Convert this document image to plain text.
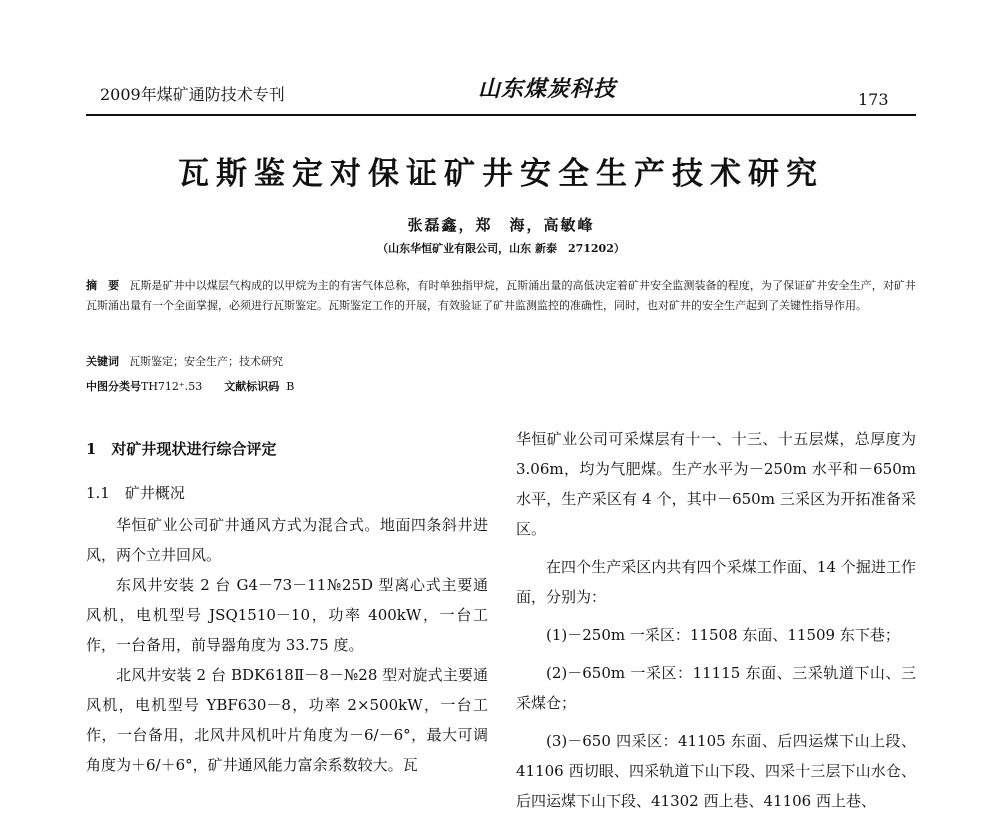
2009年煤矿通防技术专刊	山东煤炭科技	173
瓦斯鉴定对保证矿井安全生产技术研究
张磊鑫，郑　海，高敏峰
（山东华恒矿业有限公司，山东 新泰　271202）
摘　要 瓦斯是矿井中以煤层气构成的以甲烷为主的有害气体总称，有时单独指甲烷，瓦斯涌出量的高低决定着矿井安全监测装备的程度，为了保证矿井安全生产，对矿井瓦斯涌出量有一个全面掌握，必须进行瓦斯鉴定。瓦斯鉴定工作的开展，有效验证了矿井监测监控的准确性，同时，也对矿井的安全生产起到了关键性指导作用。
关键词 瓦斯鉴定；安全生产；技术研究
中图分类号TH712⁺.53 文献标识码 B

1　对矿井现状进行综合评定

1.1　矿井概况

华恒矿业公司矿井通风方式为混合式。地面四条斜井进风，两个立井回风。

东风井安装 2 台 G4－73－11№25D 型离心式主要通风机，电机型号 JSQ1510－10，功率 400kW，一台工作，一台备用，前导器角度为 33.75 度。

北风井安装 2 台 BDK618Ⅱ－8－№28 型对旋式主要通风机，电机型号 YBF630－8，功率 2×500kW，一台工作，一台备用，北风井风机叶片角度为－6/－6°，最大可调角度为＋6/＋6°，矿井通风能力富余系数较大。瓦

华恒矿业公司可采煤层有十一、十三、十五层煤，总厚度为 3.06m，均为气肥煤。生产水平为－250m 水平和－650m 水平，生产采区有 4 个，其中－650m 三采区为开拓准备采区。

在四个生产采区内共有四个采煤工作面、14 个掘进工作面，分别为：

(1)－250m 一采区：11508 东面、11509 东下巷；

(2)－650m 一采区：11115 东面、三采轨道下山、三采煤仓；

(3)－650 四采区：41105 东面、后四运煤下山上段、41106 西切眼、四采轨道下山下段、四采十三层下山水仓、后四运煤下山下段、41302 西上巷、41106 西上巷、
